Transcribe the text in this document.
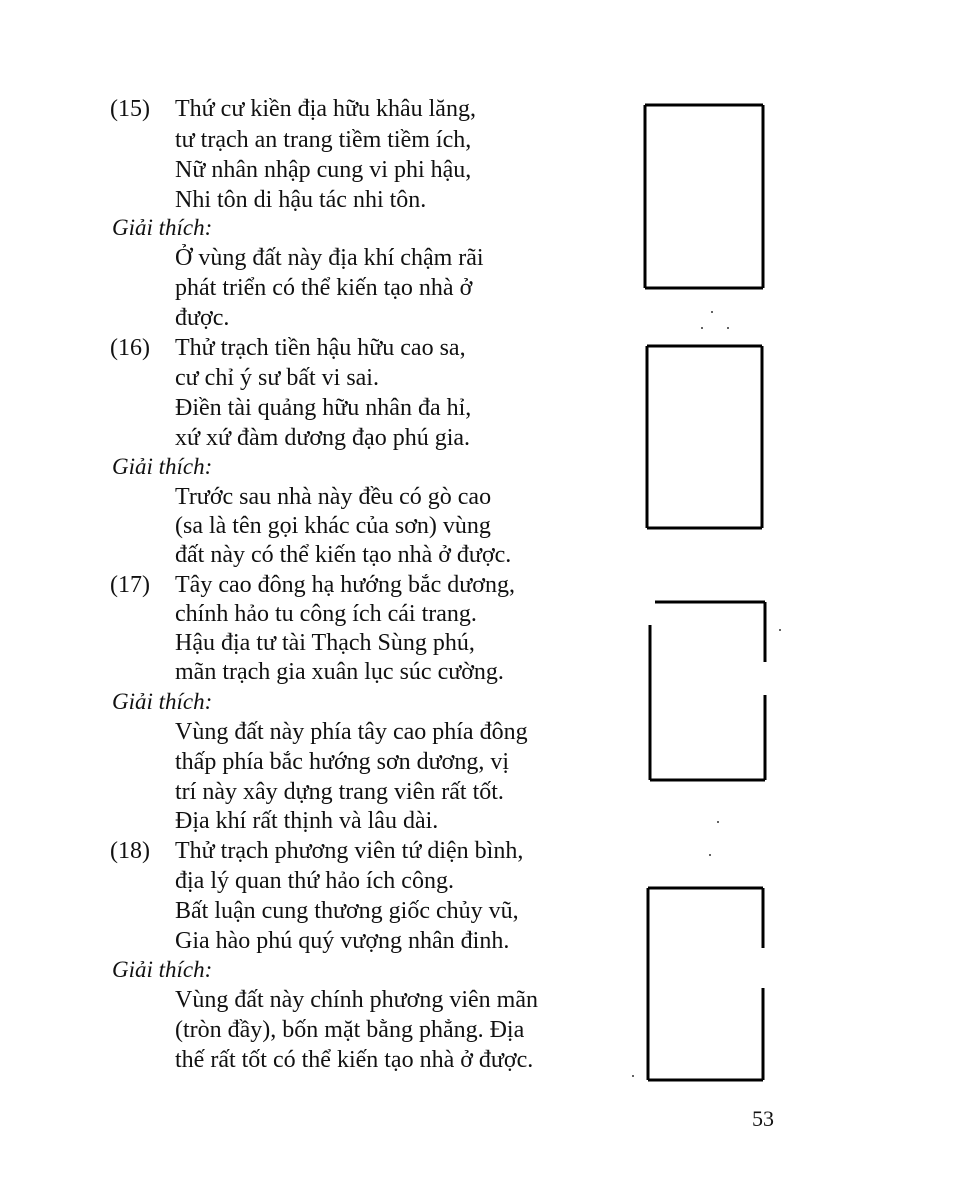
(15) Thứ cư kiền địa hữu khâu lăng,
tư trạch an trang tiềm tiềm ích,
Nữ nhân nhập cung vi phi hậu,
Nhi tôn di hậu tác nhi tôn.
Giải thích:
Ở vùng đất này địa khí chậm rãi
phát triển có thể kiến tạo nhà ở
được.
(16) Thử trạch tiền hậu hữu cao sa,
cư chỉ ý sư bất vi sai.
Điền tài quảng hữu nhân đa hỉ,
xứ xứ đàm dương đạo phú gia.
Giải thích:
Trước sau nhà này đều có gò cao
(sa là tên gọi khác của sơn) vùng
đất này có thể kiến tạo nhà ở được.
(17) Tây cao đông hạ hướng bắc dương,
chính hảo tu công ích cái trang.
Hậu địa tư tài Thạch Sùng phú,
mãn trạch gia xuân lục súc cường.
Giải thích:
Vùng đất này phía tây cao phía đông
thấp phía bắc hướng sơn dương, vị
trí này xây dựng trang viên rất tốt.
Địa khí rất thịnh và lâu dài.
(18) Thử trạch phương viên tứ diện bình,
địa lý quan thứ hảo ích công.
Bất luận cung thương giốc chủy vũ,
Gia hào phú quý vượng nhân đinh.
Giải thích:
Vùng đất này chính phương viên mãn
(tròn đầy), bốn mặt bằng phẳng. Địa
thế rất tốt có thể kiến tạo nhà ở được.
53
